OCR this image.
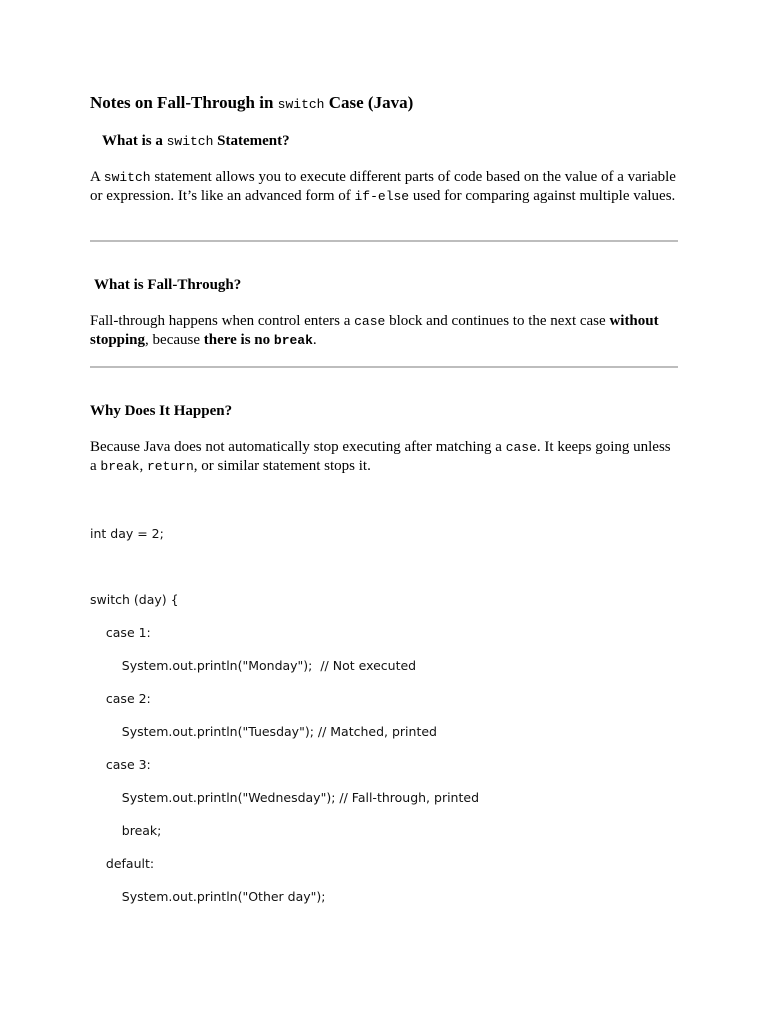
Notes on Fall-Through in switch Case (Java)
What is a switch Statement?
A switch statement allows you to execute different parts of code based on the value of a variable or expression. It’s like an advanced form of if-else used for comparing against multiple values.
What is Fall-Through?
Fall-through happens when control enters a case block and continues to the next case without stopping, because there is no break.
Why Does It Happen?
Because Java does not automatically stop executing after matching a case. It keeps going unless a break, return, or similar statement stops it.
int day = 2;
switch (day) {
case 1:
System.out.println("Monday");  // Not executed
case 2:
System.out.println("Tuesday"); // Matched, printed
case 3:
System.out.println("Wednesday"); // Fall-through, printed
break;
default:
System.out.println("Other day");
